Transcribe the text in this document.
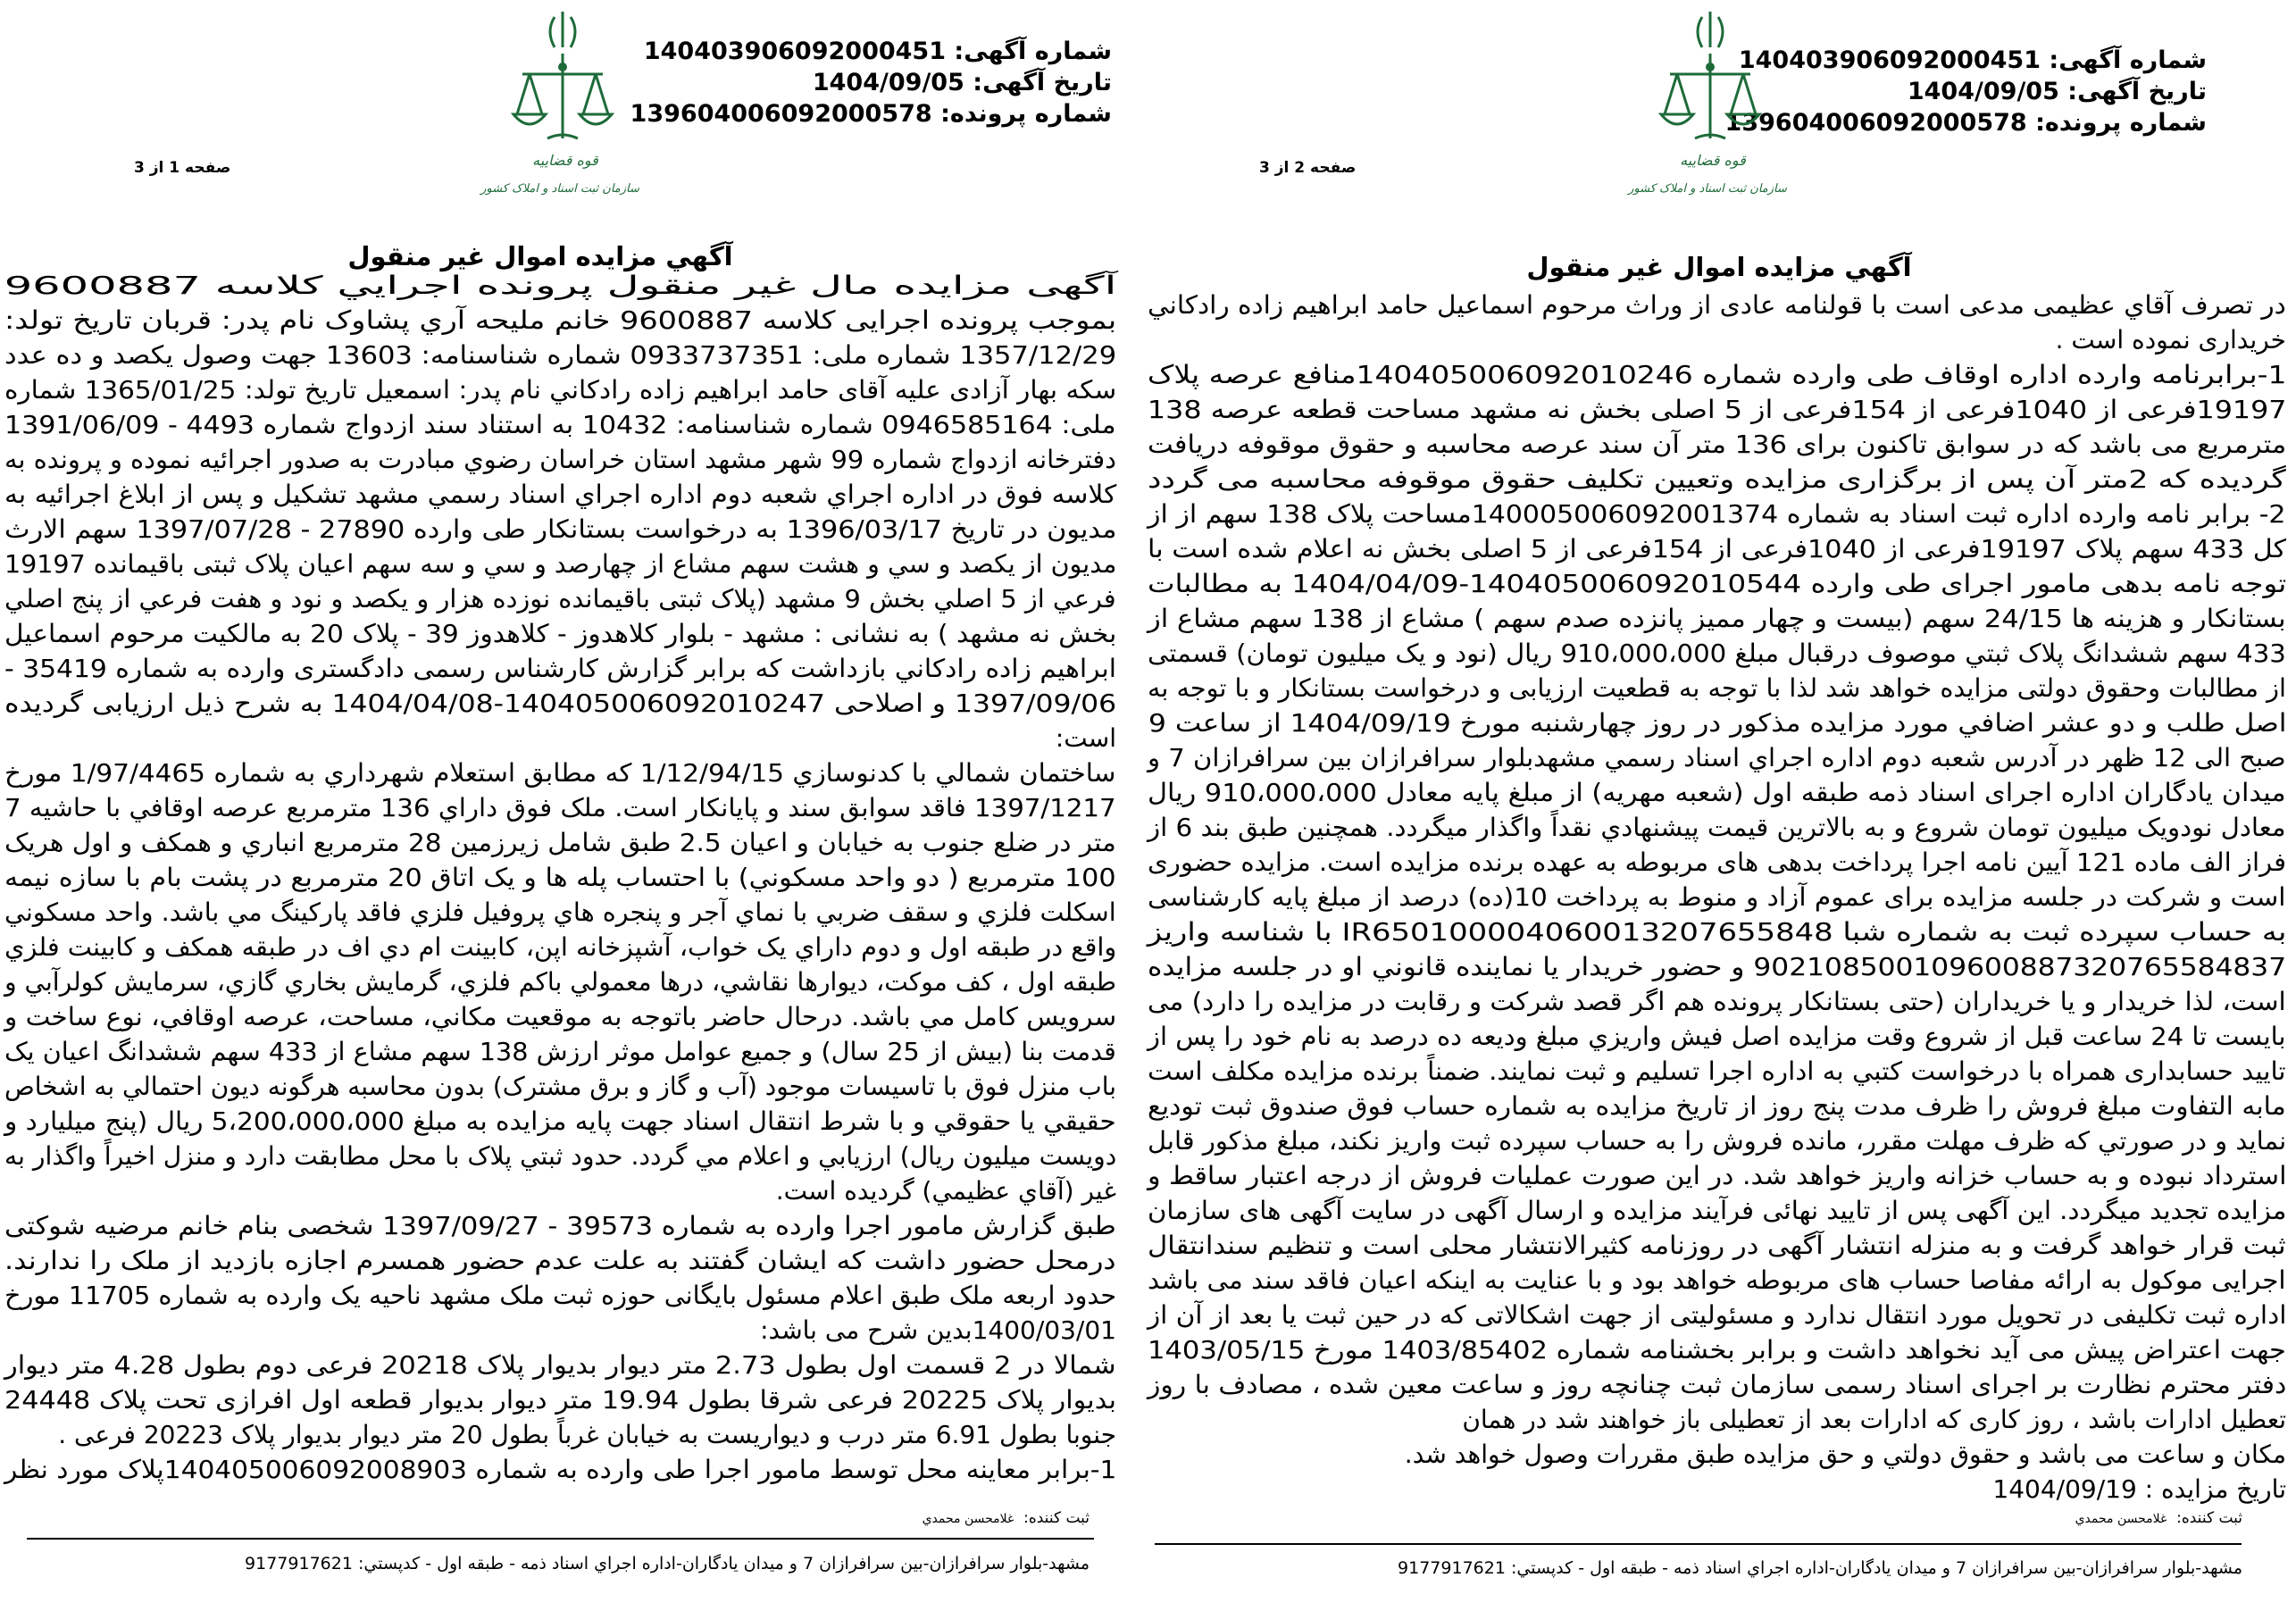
شماره آگهی: 140403906092000451
تاریخ آگهی: 1404/09/05
شماره پرونده: 139604006092000578
قوه قضاییه
سازمان ثبت اسناد و املاک کشور
صفحه 1 از 3
آگهي مزايده اموال غير منقول
آگهی مزايده مال غير منقول پرونده اجرايي کلاسه 9600887
بموجب پرونده اجرايی کلاسه 9600887 خانم مليحه آري پشاوک نام پدر: قربان تاريخ تولد:
1357/12/29 شماره ملی: 0933737351 شماره شناسنامه: 13603 جهت وصول يکصد و ده عدد
سکه بهار آزادی عليه آقای حامد ابراهيم زاده رادکاني نام پدر: اسمعيل تاريخ تولد: 1365/01/25 شماره
ملی: 0946585164 شماره شناسنامه: 10432 به استناد سند ازدواج شماره 4493 - 1391/06/09
دفترخانه ازدواج شماره 99 شهر مشهد استان خراسان رضوي مبادرت به صدور اجرائيه نموده و پرونده به
کلاسه فوق در اداره اجراي شعبه دوم اداره اجراي اسناد رسمي مشهد تشکيل و پس از ابلاغ اجرائيه به
مديون در تاريخ 1396/03/17 به درخواست بستانکار طی وارده 27890 - 1397/07/28 سهم الارث
مديون از يکصد و سي و هشت سهم مشاع از چهارصد و سي و سه سهم اعيان پلاک ثبتی باقيمانده 19197
فرعي از 5 اصلي بخش 9 مشهد (پلاک ثبتی باقيمانده نوزده هزار و يکصد و نود و هفت فرعي از پنج اصلي
بخش نه مشهد ) به نشانی : مشهد - بلوار کلاهدوز - کلاهدوز 39 - پلاک 20 به مالکيت مرحوم اسماعيل
ابراهيم زاده رادکاني بازداشت که برابر گزارش کارشناس رسمی دادگستری وارده به شماره 35419 -
1397/09/06 و اصلاحی 140405006092010247-1404/04/08 به شرح ذيل ارزيابی گرديده
است:
ساختمان شمالي با کدنوسازي 1/12/94/15 که مطابق استعلام شهرداري به شماره 1/97/4465 مورخ
1397/1217 فاقد سوابق سند و پايانکار است. ملک فوق داراي 136 مترمربع عرصه اوقافي با حاشيه 7
متر در ضلع جنوب به خيابان و اعيان 2.5 طبق شامل زيرزمين 28 مترمربع انباري و همکف و اول هريک
100 مترمربع ( دو واحد مسکوني) با احتساب پله ها و يک اتاق 20 مترمربع در پشت بام با سازه نيمه
اسکلت فلزي و سقف ضربي با نماي آجر و پنجره هاي پروفيل فلزي فاقد پارکينگ مي باشد. واحد مسکوني
واقع در طبقه اول و دوم داراي يک خواب، آشپزخانه اپن، کابينت ام دي اف در طبقه همکف و کابينت فلزي
طبقه اول ، کف موکت، ديوارها نقاشي، درها معمولي باکم فلزي، گرمايش بخاري گازي، سرمايش کولرآبي و
سرويس کامل مي باشد. درحال حاضر باتوجه به موقعيت مکاني، مساحت، عرصه اوقافي، نوع ساخت و
قدمت بنا (بيش از 25 سال) و جميع عوامل موثر ارزش 138 سهم مشاع از 433 سهم ششدانگ اعيان يک
باب منزل فوق با تاسيسات موجود (آب و گاز و برق مشترک) بدون محاسبه هرگونه ديون احتمالي به اشخاص
حقيقي يا حقوقي و با شرط انتقال اسناد جهت پايه مزايده به مبلغ 5،200،000،000 ريال (پنج ميليارد و
دويست ميليون ريال) ارزيابي و اعلام مي گردد. حدود ثبتي پلاک با محل مطابقت دارد و منزل اخيراً واگذار به
غير (آقاي عظيمي) گرديده است.
طبق گزارش مامور اجرا وارده به شماره 39573 - 1397/09/27 شخصی بنام خانم مرضيه شوکتی
درمحل حضور داشت که ايشان گفتند به علت عدم حضور همسرم اجازه بازديد از ملک را ندارند.
حدود اربعه ملک طبق اعلام مسئول بايگانی حوزه ثبت ملک مشهد ناحيه يک وارده به شماره 11705 مورخ
1400/03/01بدين شرح می باشد:
شمالا در 2 قسمت اول بطول 2.73 متر ديوار بديوار پلاک 20218 فرعی دوم بطول 4.28 متر ديوار
بديوار پلاک 20225 فرعی شرقا بطول 19.94 متر ديوار بديوار قطعه اول افرازی تحت پلاک 24448
جنوبا بطول 6.91 متر درب و ديواريست به خيابان غرباً بطول 20 متر ديوار بديوار پلاک 20223 فرعی .
1-برابر معاينه محل توسط مامور اجرا طی وارده به شماره 140405006092008903پلاک مورد نظر
ثبت کننده:  غلامحسن محمدي
مشهد-بلوار سرافرازان-بين سرافرازان 7 و ميدان يادگاران-اداره اجراي اسناد ذمه - طبقه اول - کدپستي: 9177917621
شماره آگهی: 140403906092000451
تاریخ آگهی: 1404/09/05
شماره پرونده: 139604006092000578
قوه قضاییه
سازمان ثبت اسناد و املاک کشور
صفحه 2 از 3
آگهي مزايده اموال غير منقول
در تصرف آقاي عظيمی مدعی است با قولنامه عادی از وراث مرحوم اسماعيل حامد ابراهيم زاده رادکاني
خريداری نموده است .
1-برابرنامه وارده اداره اوقاف طی وارده شماره 140405006092010246منافع عرصه پلاک
19197فرعی از 1040فرعی از 154فرعی از 5 اصلی بخش نه مشهد مساحت قطعه عرصه 138
مترمربع می باشد که در سوابق تاکنون برای 136 متر آن سند عرصه محاسبه و حقوق موقوفه دريافت
گرديده که 2متر آن پس از برگزاری مزايده وتعيين تکليف حقوق موقوفه محاسبه می گردد
2- برابر نامه وارده اداره ثبت اسناد به شماره 140005006092001374مساحت پلاک 138 سهم از از
کل 433 سهم پلاک 19197فرعی از 1040فرعی از 154فرعی از 5 اصلی بخش نه اعلام شده است با
توجه نامه بدهی مامور اجرای طی وارده 140405006092010544-1404/04/09 به مطالبات
بستانکار و هزينه ها 24/15 سهم (بيست و چهار مميز پانزده صدم سهم ) مشاع از 138 سهم مشاع از
433 سهم ششدانگ پلاک ثبتي موصوف درقبال مبلغ 910،000،000 ريال (نود و يک ميليون تومان) قسمتی
از مطالبات وحقوق دولتی مزايده خواهد شد لذا با توجه به قطعيت ارزيابی و درخواست بستانکار و با توجه به
اصل طلب و دو عشر اضافي مورد مزايده مذکور در روز چهارشنبه مورخ 1404/09/19 از ساعت 9
صبح الی 12 ظهر در آدرس شعبه دوم اداره اجراي اسناد رسمي مشهدبلوار سرافرازان بين سرافرازان 7 و
ميدان يادگاران اداره اجرای اسناد ذمه طبقه اول (شعبه مهريه) از مبلغ پايه معادل 910،000،000 ريال
معادل نودويک ميليون تومان شروع و به بالاترين قيمت پيشنهادي نقداً واگذار ميگردد. همچنين طبق بند 6 از
فراز الف ماده 121 آيين نامه اجرا پرداخت بدهی های مربوطه به عهده برنده مزايده است. مزايده حضوری
است و شرکت در جلسه مزايده برای عموم آزاد و منوط به پرداخت 10(ده) درصد از مبلغ پايه کارشناسی
به حساب سپرده ثبت به شماره شبا IR650100004060013207655848 با شناسه واريز
902108500109600887320765584837 و حضور خريدار يا نماينده قانوني او در جلسه مزايده
است، لذا خريدار و يا خريداران (حتی بستانکار پرونده هم اگر قصد شرکت و رقابت در مزايده را دارد) می
بايست تا 24 ساعت قبل از شروع وقت مزايده اصل فيش واريزي مبلغ وديعه ده درصد به نام خود را پس از
تاييد حسابداری همراه با درخواست کتبي به اداره اجرا تسليم و ثبت نمايند. ضمناً برنده مزايده مکلف است
مابه التفاوت مبلغ فروش را ظرف مدت پنج روز از تاريخ مزايده به شماره حساب فوق صندوق ثبت توديع
نمايد و در صورتي که ظرف مهلت مقرر، مانده فروش را به حساب سپرده ثبت واريز نکند، مبلغ مذکور قابل
استرداد نبوده و به حساب خزانه واريز خواهد شد. در اين صورت عمليات فروش از درجه اعتبار ساقط و
مزايده تجديد ميگردد. اين آگهی پس از تاييد نهائی فرآيند مزايده و ارسال آگهی در سايت آگهی های سازمان
ثبت قرار خواهد گرفت و به منزله انتشار آگهی در روزنامه کثيرالانتشار محلی است و تنظيم سندانتقال
اجرايی موکول به ارائه مفاصا حساب های مربوطه خواهد بود و با عنايت به اينکه اعيان فاقد سند می باشد
اداره ثبت تکليفی در تحويل مورد انتقال ندارد و مسئوليتی از جهت اشکالاتی که در حين ثبت يا بعد از آن از
جهت اعتراض پيش می آيد نخواهد داشت و برابر بخشنامه شماره 1403/85402 مورخ 1403/05/15
دفتر محترم نظارت بر اجرای اسناد رسمی سازمان ثبت چنانچه روز و ساعت معين شده ، مصادف با روز
تعطيل ادارات باشد ، روز کاری که ادارات بعد از تعطيلی باز خواهند شد در همان
مکان و ساعت می باشد و حقوق دولتي و حق مزايده طبق مقررات وصول خواهد شد.
تاريخ مزايده : 1404/09/19
ثبت کننده:  غلامحسن محمدي
مشهد-بلوار سرافرازان-بين سرافرازان 7 و ميدان يادگاران-اداره اجراي اسناد ذمه - طبقه اول - کدپستي: 9177917621
